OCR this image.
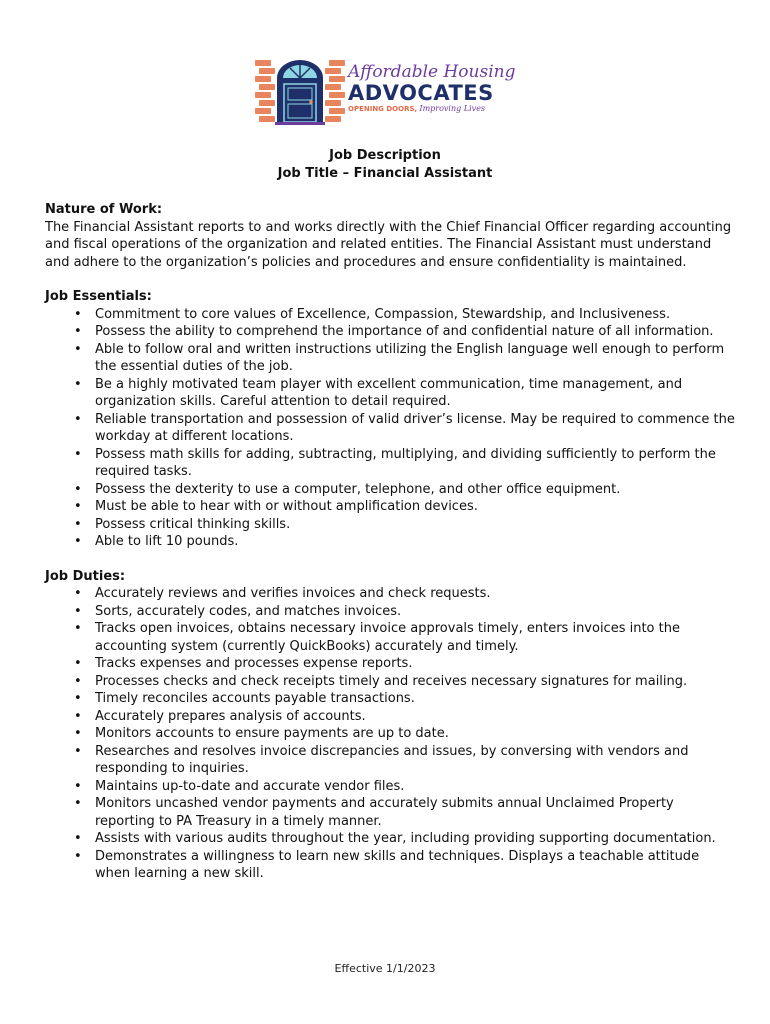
Affordable Housing
ADVOCATES
OPENING DOORS, Improving Lives

Job Description

Job Title – Financial Assistant

Nature of Work:

The Financial Assistant reports to and works directly with the Chief Financial Officer regarding accounting and fiscal operations of the organization and related entities. The Financial Assistant must understand and adhere to the organization’s policies and procedures and ensure confidentiality is maintained.

Job Essentials:

• Commitment to core values of Excellence, Compassion, Stewardship, and Inclusiveness.
• Possess the ability to comprehend the importance of and confidential nature of all information.
• Able to follow oral and written instructions utilizing the English language well enough to perform the essential duties of the job.
• Be a highly motivated team player with excellent communication, time management, and organization skills. Careful attention to detail required.
• Reliable transportation and possession of valid driver’s license. May be required to commence the workday at different locations.
• Possess math skills for adding, subtracting, multiplying, and dividing sufficiently to perform the required tasks.
• Possess the dexterity to use a computer, telephone, and other office equipment.
• Must be able to hear with or without amplification devices.
• Possess critical thinking skills.
• Able to lift 10 pounds.

Job Duties:

• Accurately reviews and verifies invoices and check requests.
• Sorts, accurately codes, and matches invoices.
• Tracks open invoices, obtains necessary invoice approvals timely, enters invoices into the accounting system (currently QuickBooks) accurately and timely.
• Tracks expenses and processes expense reports.
• Processes checks and check receipts timely and receives necessary signatures for mailing.
• Timely reconciles accounts payable transactions.
• Accurately prepares analysis of accounts.
• Monitors accounts to ensure payments are up to date.
• Researches and resolves invoice discrepancies and issues, by conversing with vendors and responding to inquiries.
• Maintains up-to-date and accurate vendor files.
• Monitors uncashed vendor payments and accurately submits annual Unclaimed Property reporting to PA Treasury in a timely manner.
• Assists with various audits throughout the year, including providing supporting documentation.
• Demonstrates a willingness to learn new skills and techniques. Displays a teachable attitude when learning a new skill.
Effective 1/1/2023
